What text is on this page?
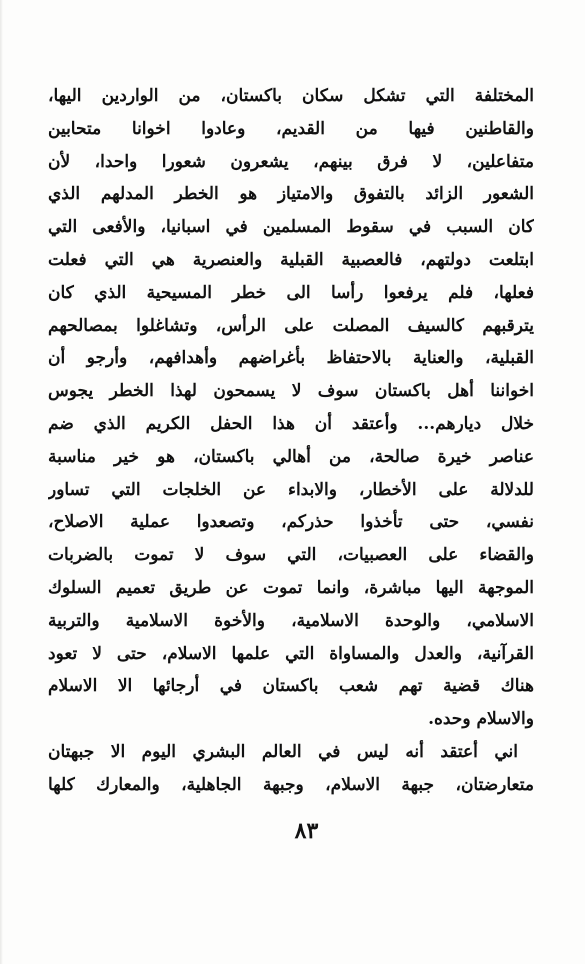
المختلفة التي تشكل سكان باكستان، من الواردين اليها،
والقاطنين فيها من القديم، وعادوا اخوانا متحابين
متفاعلين، لا فرق بينهم، يشعرون شعورا واحدا، لأن
الشعور الزائد بالتفوق والامتياز هو الخطر المدلهم الذي
كان السبب في سقوط المسلمين في اسبانيا، والأفعى التي
ابتلعت دولتهم، فالعصبية القبلية والعنصرية هي التي فعلت
فعلها، فلم يرفعوا رأسا الى خطر المسيحية الذي كان
يترقبهم كالسيف المصلت على الرأس، وتشاغلوا بمصالحهم
القبلية، والعناية بالاحتفاظ بأغراضهم وأهدافهم، وأرجو أن
اخواننا أهل باكستان سوف لا يسمحون لهذا الخطر يجوس
خلال ديارهم... وأعتقد أن هذا الحفل الكريم الذي ضم
عناصر خيرة صالحة، من أهالي باكستان، هو خير مناسبة
للدلالة على الأخطار، والابداء عن الخلجات التي تساور
نفسي، حتى تأخذوا حذركم، وتصعدوا عملية الاصلاح،
والقضاء على العصبيات، التي سوف لا تموت بالضربات
الموجهة اليها مباشرة، وانما تموت عن طريق تعميم السلوك
الاسلامي، والوحدة الاسلامية، والأخوة الاسلامية والتربية
القرآنية، والعدل والمساواة التي علمها الاسلام، حتى لا تعود
هناك قضية تهم شعب باكستان في أرجائها الا الاسلام
والاسلام وحده.
اني أعتقد أنه ليس في العالم البشري اليوم الا جبهتان
متعارضتان، جبهة الاسلام، وجبهة الجاهلية، والمعارك كلها
٨٣
